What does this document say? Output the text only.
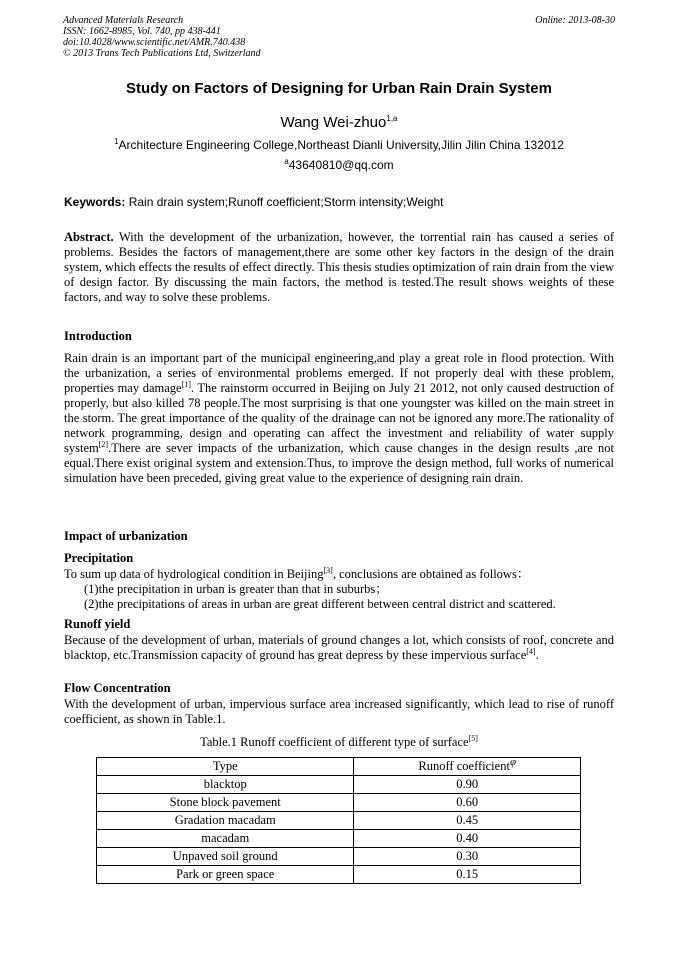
Advanced Materials Research
ISSN: 1662-8985, Vol. 740, pp 438-441
doi:10.4028/www.scientific.net/AMR.740.438
© 2013 Trans Tech Publications Ltd, Switzerland
Online: 2013-08-30
Study on Factors of Designing for Urban Rain Drain System
Wang Wei-zhuo$^{1,a}$
$^1$Architecture Engineering College,Northeast Dianli University,Jilin Jilin China 132012
$^a$43640810@qq.com
Keywords: Rain drain system;Runoff coefficient;Storm intensity;Weight
Abstract. With the development of the urbanization, however, the torrential rain has caused a series of problems. Besides the factors of management,there are some other key factors in the design of the drain system, which effects the results of effect directly. This thesis studies optimization of rain drain from the view of design factor. By discussing the main factors, the method is tested.The result shows weights of these factors, and way to solve these problems.
Introduction
Rain drain is an important part of the municipal engineering,and play a great role in flood protection. With the urbanization, a series of environmental problems emerged. If not properly deal with these problem, properties may damage[1]. The rainstorm occurred in Beijing on July 21 2012, not only caused destruction of properly, but also killed 78 people.The most surprising is that one youngster was killed on the main street in the storm. The great importance of the quality of the drainage can not be ignored any more.The rationality of network programming, design and operating can affect the investment and reliability of water supply system[2].There are sever impacts of the urbanization, which cause changes in the design results ,are not equal.There exist original system and extension.Thus, to improve the design method, full works of numerical simulation have been preceded, giving great value to the experience of designing rain drain.
Impact of urbanization
Precipitation
To sum up data of hydrological condition in Beijing[3], conclusions are obtained as follows：
(1)the precipitation in urban is greater than that in suburbs；
(2)the precipitations of areas in urban are great different between central district and scattered.
Runoff yield
Because of the development of urban, materials of ground changes a lot, which consists of roof, concrete and blacktop, etc.Transmission capacity of ground has great depress by these impervious surface[4].
Flow Concentration
With the development of urban, impervious surface area increased significantly, which lead to rise of runoff coefficient, as shown in Table.1.
Table.1 Runoff coefficient of different type of surface[5]
Type	Runoff coefficient$^\varphi$
blacktop	0.90
Stone block pavement	0.60
Gradation macadam	0.45
macadam	0.40
Unpaved soil ground	0.30
Park or green space	0.15
